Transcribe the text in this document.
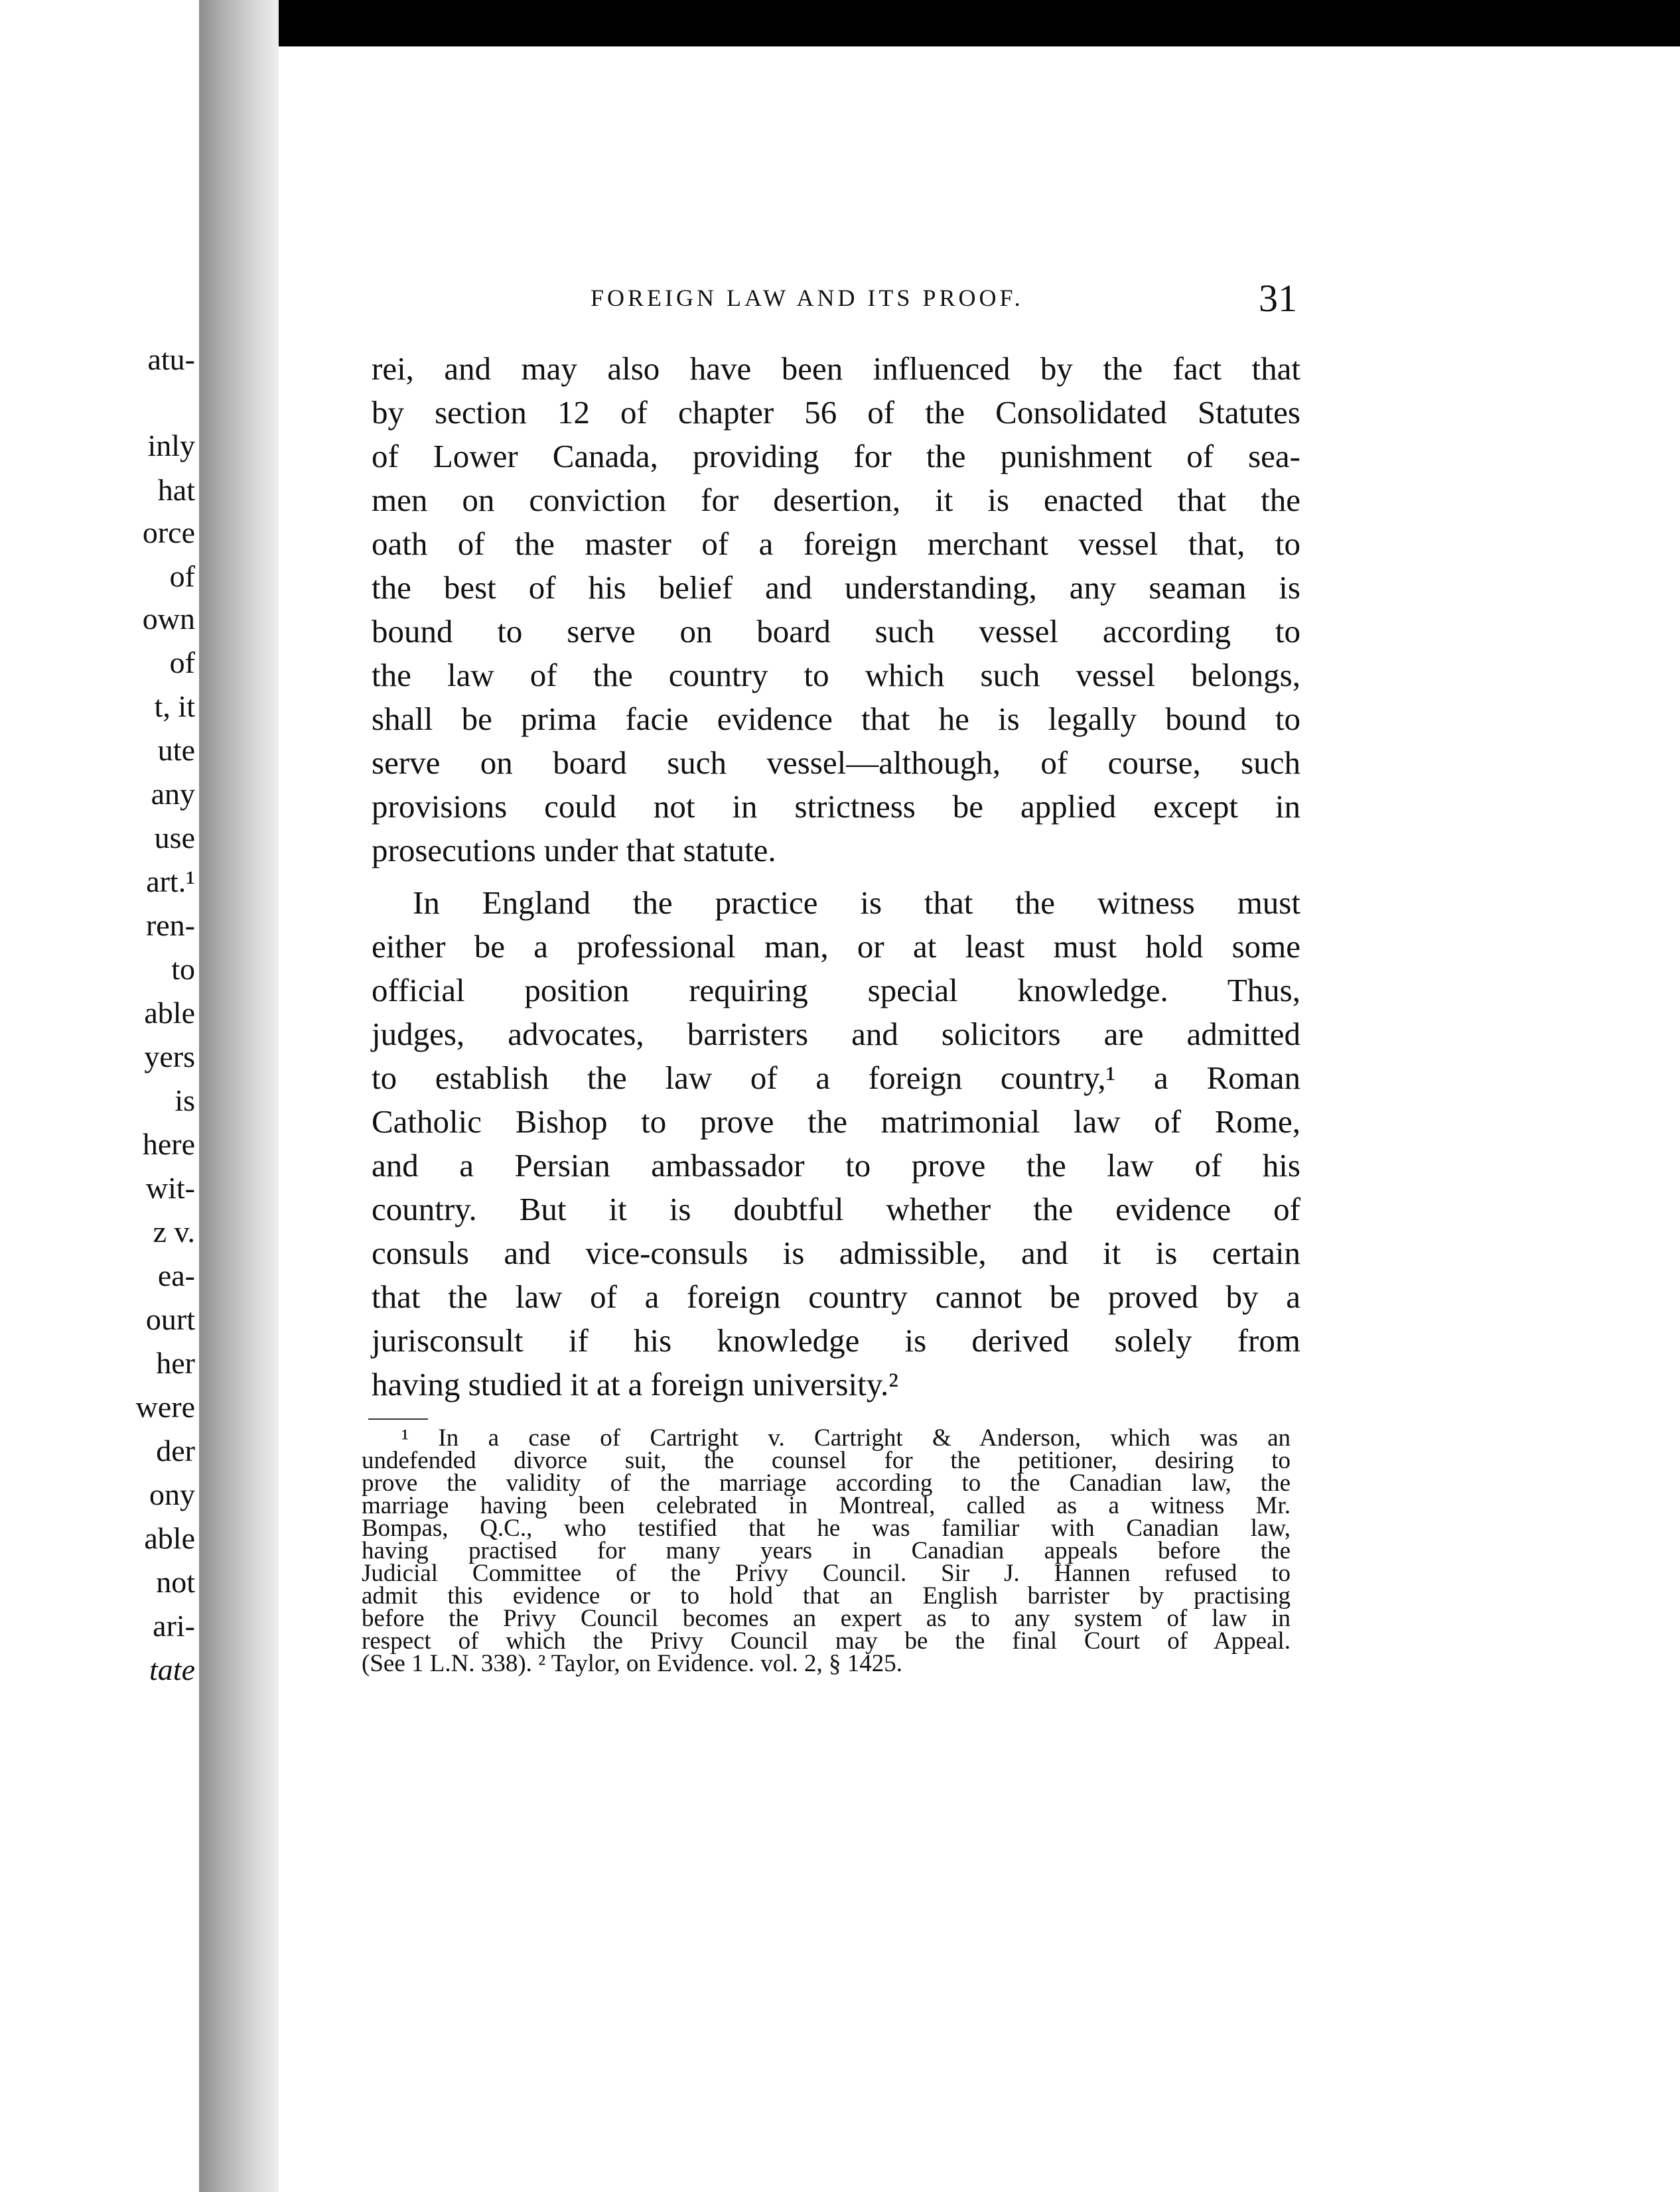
atu-
inly
hat
orce
of
own
of
t, it
ute
any
use
art.¹
ren-
to
able
yers
is
here
wit-
z v.
ea-
ourt
her
were
der
ony
able
not
ari-
tate
FOREIGN LAW AND ITS PROOF.	31
rei, and may also have been influenced by the fact that
by section 12 of chapter 56 of the Consolidated Statutes
of Lower Canada, providing for the punishment of sea-
men on conviction for desertion, it is enacted that the
oath of the master of a foreign merchant vessel that, to
the best of his belief and understanding, any seaman is
bound to serve on board such vessel according to
the law of the country to which such vessel belongs,
shall be prima facie evidence that he is legally bound to
serve on board such vessel—although, of course, such
provisions could not in strictness be applied except in
prosecutions under that statute.
In England the practice is that the witness must
either be a professional man, or at least must hold some
official position requiring special knowledge. Thus,
judges, advocates, barristers and solicitors are admitted
to establish the law of a foreign country,¹ a Roman
Catholic Bishop to prove the matrimonial law of Rome,
and a Persian ambassador to prove the law of his
country. But it is doubtful whether the evidence of
consuls and vice-consuls is admissible, and it is certain
that the law of a foreign country cannot be proved by a
jurisconsult if his knowledge is derived solely from
having studied it at a foreign university.²
¹ In a case of Cartright v. Cartright & Anderson, which was an
undefended divorce suit, the counsel for the petitioner, desiring to
prove the validity of the marriage according to the Canadian law, the
marriage having been celebrated in Montreal, called as a witness Mr.
Bompas, Q.C., who testified that he was familiar with Canadian law,
having practised for many years in Canadian appeals before the
Judicial Committee of the Privy Council. Sir J. Hannen refused to
admit this evidence or to hold that an English barrister by practising
before the Privy Council becomes an expert as to any system of law in
respect of which the Privy Council may be the final Court of Appeal.
(See 1 L.N. 338). ² Taylor, on Evidence. vol. 2, § 1425.
